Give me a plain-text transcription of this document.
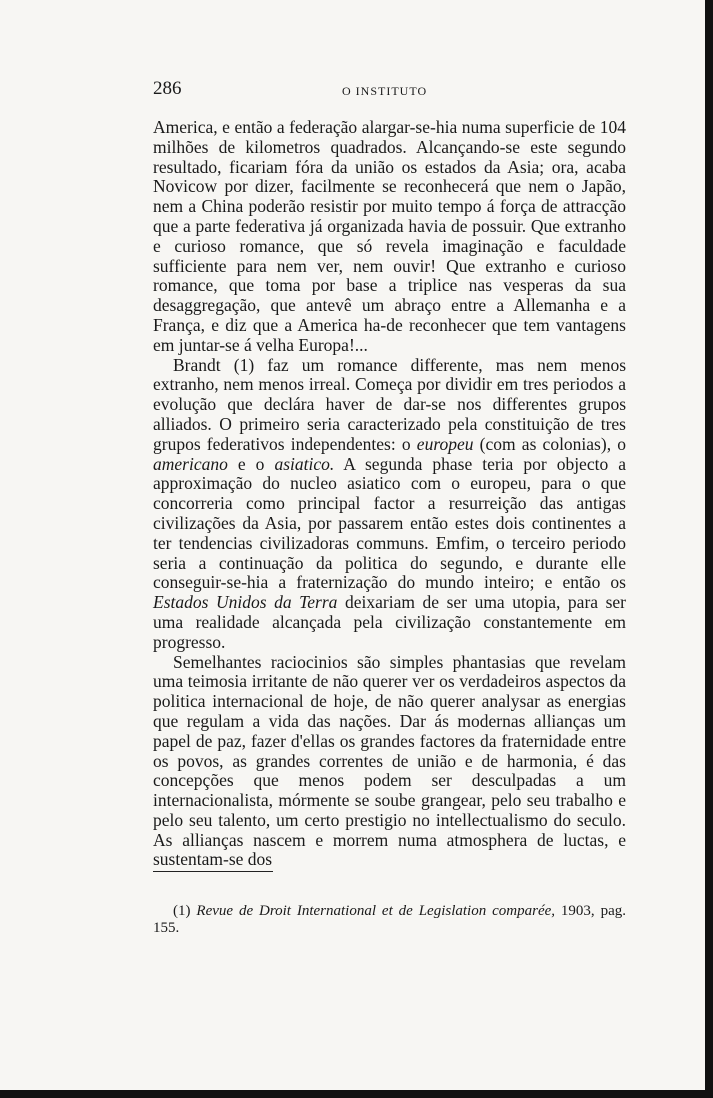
286	O INSTITUTO

America, e então a federação alargar-se-hia numa superficie de 104 milhões de kilometros quadrados. Alcançando-se este segundo resultado, ficariam fóra da união os estados da Asia; ora, acaba Novicow por dizer, facilmente se reconhecerá que nem o Japão, nem a China poderão resistir por muito tempo á força de attracção que a parte federativa já organizada havia de possuir. Que extranho e curioso romance, que só revela imaginação e faculdade sufficiente para nem ver, nem ouvir! Que extranho e curioso romance, que toma por base a triplice nas vesperas da sua desaggregação, que antevê um abraço entre a Allemanha e a França, e diz que a America ha-de reconhecer que tem vantagens em juntar-se á velha Europa!...

Brandt (1) faz um romance differente, mas nem menos extranho, nem menos irreal. Começa por dividir em tres periodos a evolução que declára haver de dar-se nos differentes grupos alliados. O primeiro seria caracterizado pela constituição de tres grupos federativos independentes: o europeu (com as colonias), o americano e o asiatico. A segunda phase teria por objecto a approximação do nucleo asiatico com o europeu, para o que concorreria como principal factor a resurreição das antigas civilizações da Asia, por passarem então estes dois continentes a ter tendencias civilizadoras communs. Emfim, o terceiro periodo seria a continuação da politica do segundo, e durante elle conseguir-se-hia a fraternização do mundo inteiro; e então os Estados Unidos da Terra deixariam de ser uma utopia, para ser uma realidade alcançada pela civilização constantemente em progresso.

Semelhantes raciocinios são simples phantasias que revelam uma teimosia irritante de não querer ver os verdadeiros aspectos da politica internacional de hoje, de não querer analysar as energias que regulam a vida das nações. Dar ás modernas allianças um papel de paz, fazer d'ellas os grandes factores da fraternidade entre os povos, as grandes correntes de união e de harmonia, é das concepções que menos podem ser desculpadas a um internacionalista, mórmente se soube grangear, pelo seu trabalho e pelo seu talento, um certo prestigio no intellectualismo do seculo. As allianças nascem e morrem numa atmosphera de luctas, e sustentam-se dos

(1) Revue de Droit International et de Legislation comparée, 1903, pag. 155.
